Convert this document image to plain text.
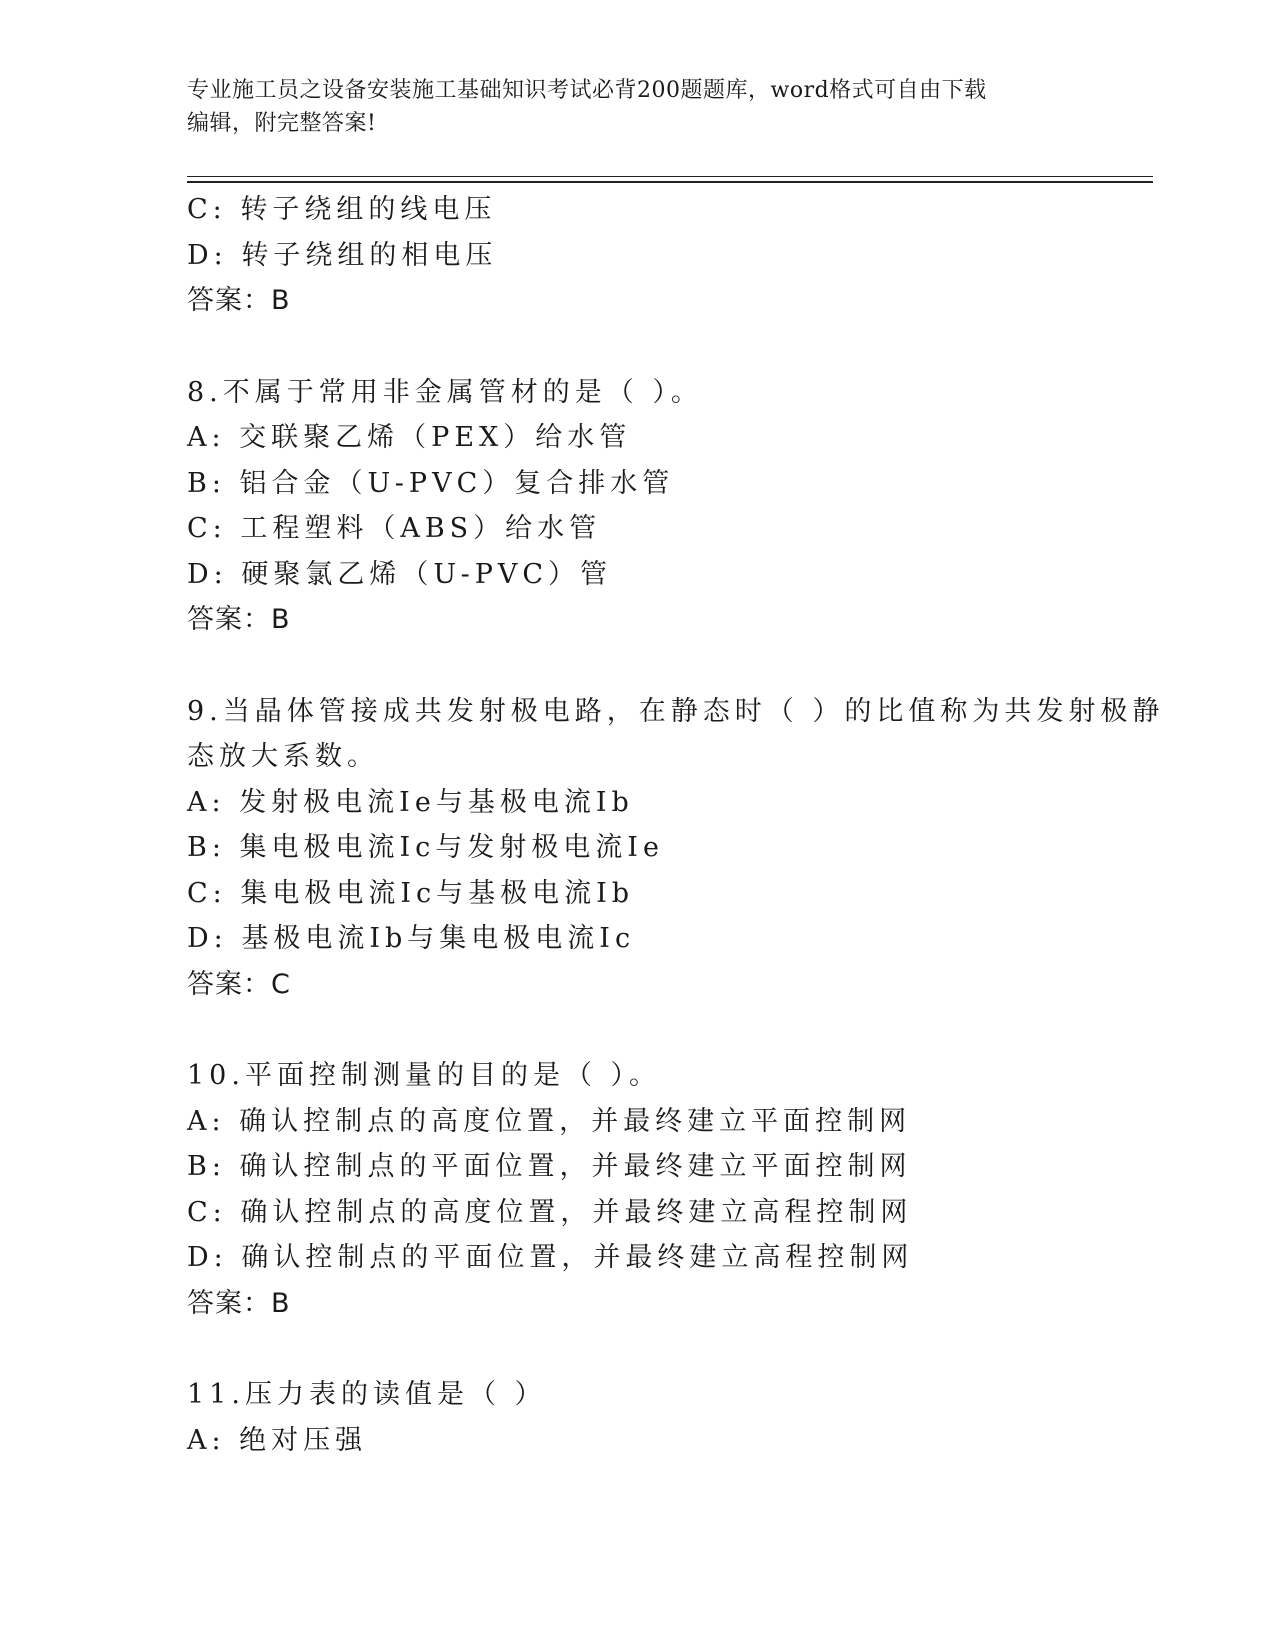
专业施工员之设备安装施工基础知识考试必背200题题库，word格式可自由下载
编辑，附完整答案!
C: 转子绕组的线电压
D: 转子绕组的相电压
答案：B
8.不属于常用非金属管材的是（ ）。
A: 交联聚乙烯（PEX）给水管
B: 铝合金（U-PVC）复合排水管
C: 工程塑料（ABS）给水管
D: 硬聚氯乙烯（U-PVC）管
答案：B
9.当晶体管接成共发射极电路，在静态时（ ）的比值称为共发射极静
态放大系数。
A: 发射极电流Ie与基极电流Ib
B: 集电极电流Ic与发射极电流Ie
C: 集电极电流Ic与基极电流Ib
D: 基极电流Ib与集电极电流Ic
答案：C
10.平面控制测量的目的是（ ）。
A: 确认控制点的高度位置，并最终建立平面控制网
B: 确认控制点的平面位置，并最终建立平面控制网
C: 确认控制点的高度位置，并最终建立高程控制网
D: 确认控制点的平面位置，并最终建立高程控制网
答案：B
11.压力表的读值是（ ）
A: 绝对压强
